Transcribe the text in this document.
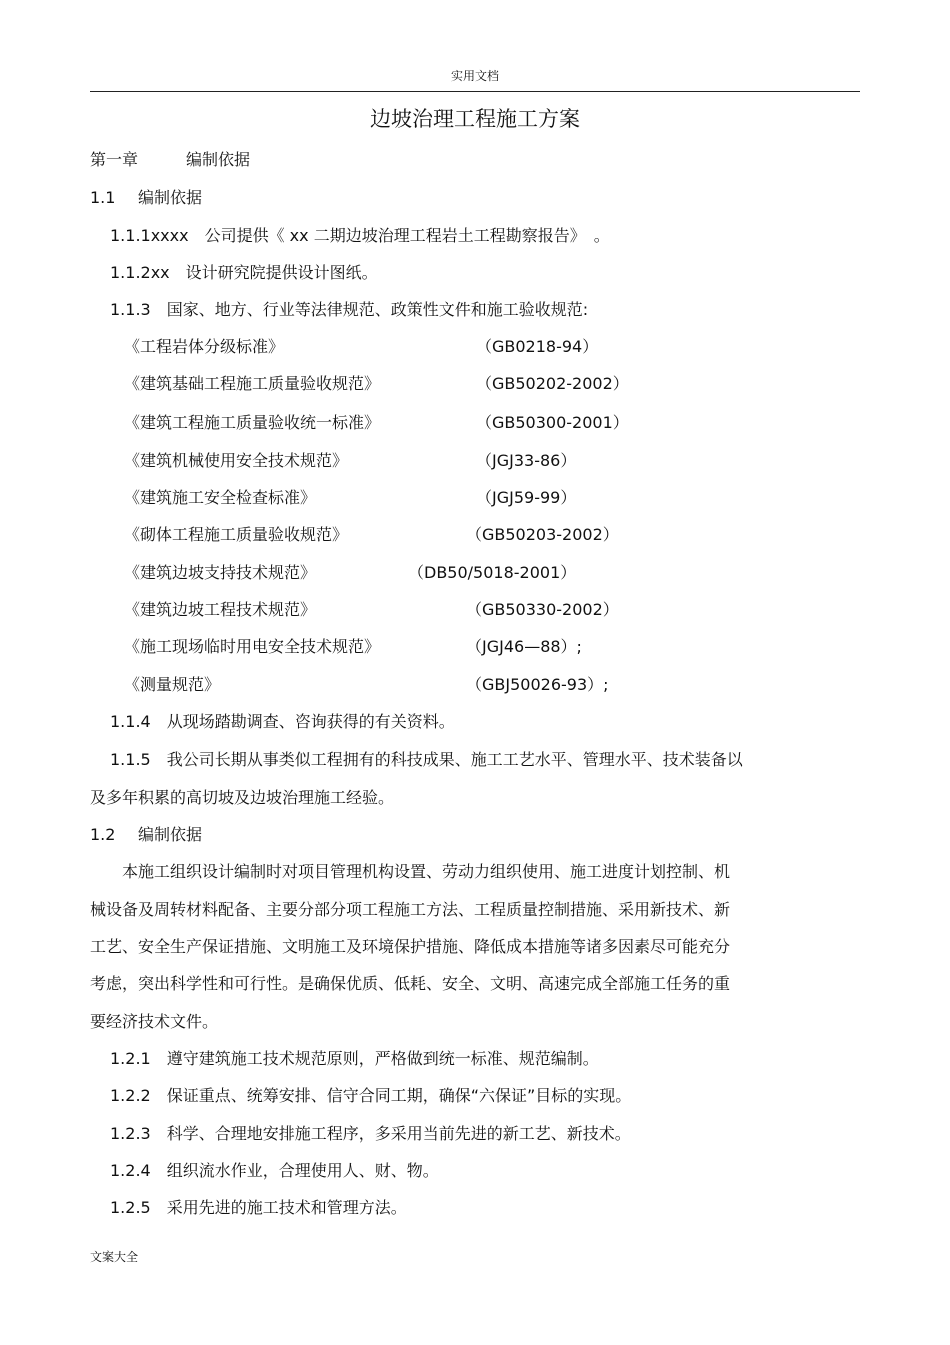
实用文档
边坡治理工程施工方案
第一章	编制依据
1.1 编制依据
1.1.1xxxx　公司提供《 xx 二期边坡治理工程岩土工程勘察报告》　。
1.1.2xx　设计研究院提供设计图纸。
1.1.3　国家、地方、行业等法律规范、政策性文件和施工验收规范:
《工程岩体分级标准》	（GB0218-94）
《建筑基础工程施工质量验收规范》	（GB50202-2002）
《建筑工程施工质量验收统一标准》	（GB50300-2001）
《建筑机械使用安全技术规范》	（JGJ33-86）
《建筑施工安全检查标准》	（JGJ59-99）
《砌体工程施工质量验收规范》	（GB50203-2002）
《建筑边坡支持技术规范》	（DB50/5018-2001）
《建筑边坡工程技术规范》	（GB50330-2002）
《施工现场临时用电安全技术规范》	（JGJ46—88）;
《测量规范》	（GBJ50026-93）;
1.1.4　从现场踏勘调查、咨询获得的有关资料。
1.1.5　我公司长期从事类似工程拥有的科技成果、施工工艺水平、管理水平、技术装备以
及多年积累的高切坡及边坡治理施工经验。
1.2 编制依据
本施工组织设计编制时对项目管理机构设置、劳动力组织使用、施工进度计划控制、机
械设备及周转材料配备、主要分部分项工程施工方法、工程质量控制措施、采用新技术、新
工艺、安全生产保证措施、文明施工及环境保护措施、降低成本措施等诸多因素尽可能充分
考虑，突出科学性和可行性。是确保优质、低耗、安全、文明、高速完成全部施工任务的重
要经济技术文件。
1.2.1　遵守建筑施工技术规范原则，严格做到统一标准、规范编制。
1.2.2　保证重点、统筹安排、信守合同工期，确保“六保证”目标的实现。
1.2.3　科学、合理地安排施工程序，多采用当前先进的新工艺、新技术。
1.2.4　组织流水作业，合理使用人、财、物。
1.2.5　采用先进的施工技术和管理方法。
文案大全
